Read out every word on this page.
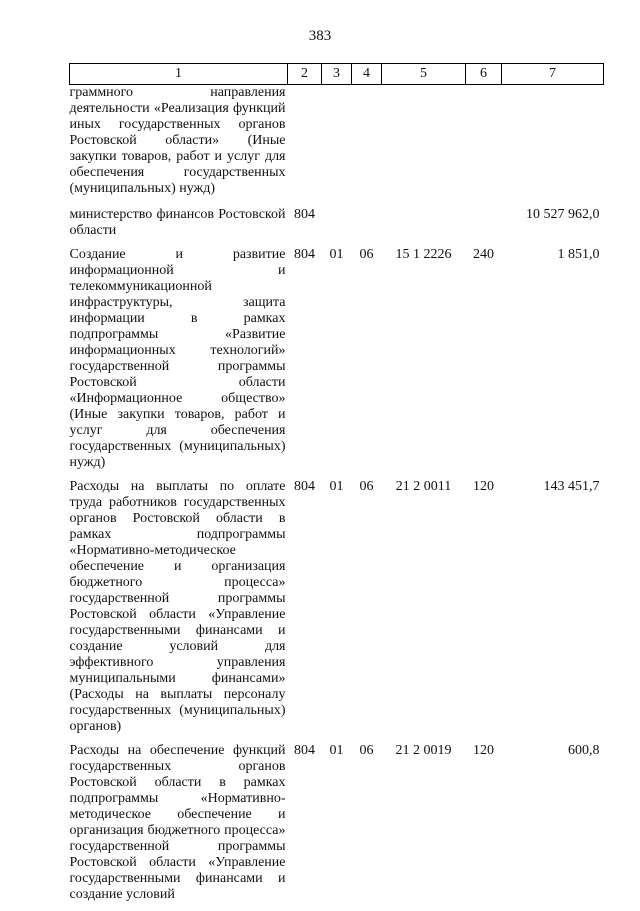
383
1	2	3	4	5	6	7
граммного направления деятельности «Реализация функций иных государственных органов Ростовской области» (Иные закупки товаров, работ и услуг для обеспечения государственных (муниципальных) нужд)						
министерство финансов Ростовской области	804					10 527 962,0
Создание и развитие информационной и телекоммуникационной инфраструктуры, защита информации в рамках подпрограммы «Развитие информационных технологий» государственной программы Ростовской области «Информационное общество» (Иные закупки товаров, работ и услуг для обеспечения государственных (муниципальных) нужд)	804	01	06	15 1 2226	240	1 851,0
Расходы на выплаты по оплате труда работников государственных органов Ростовской области в рамках подпрограммы «Нормативно-методическое обеспечение и организация бюджетного процесса» государственной программы Ростовской области «Управление государственными финансами и создание условий для эффективного управления муниципальными финансами» (Расходы на выплаты персоналу государственных (муниципальных) органов)	804	01	06	21 2 0011	120	143 451,7
Расходы на обеспечение функций государственных органов Ростовской области в рамках подпрограммы «Нормативно-методическое обеспечение и организация бюджетного процесса» государственной программы Ростовской области «Управление государственными финансами и создание условий	804	01	06	21 2 0019	120	600,8
